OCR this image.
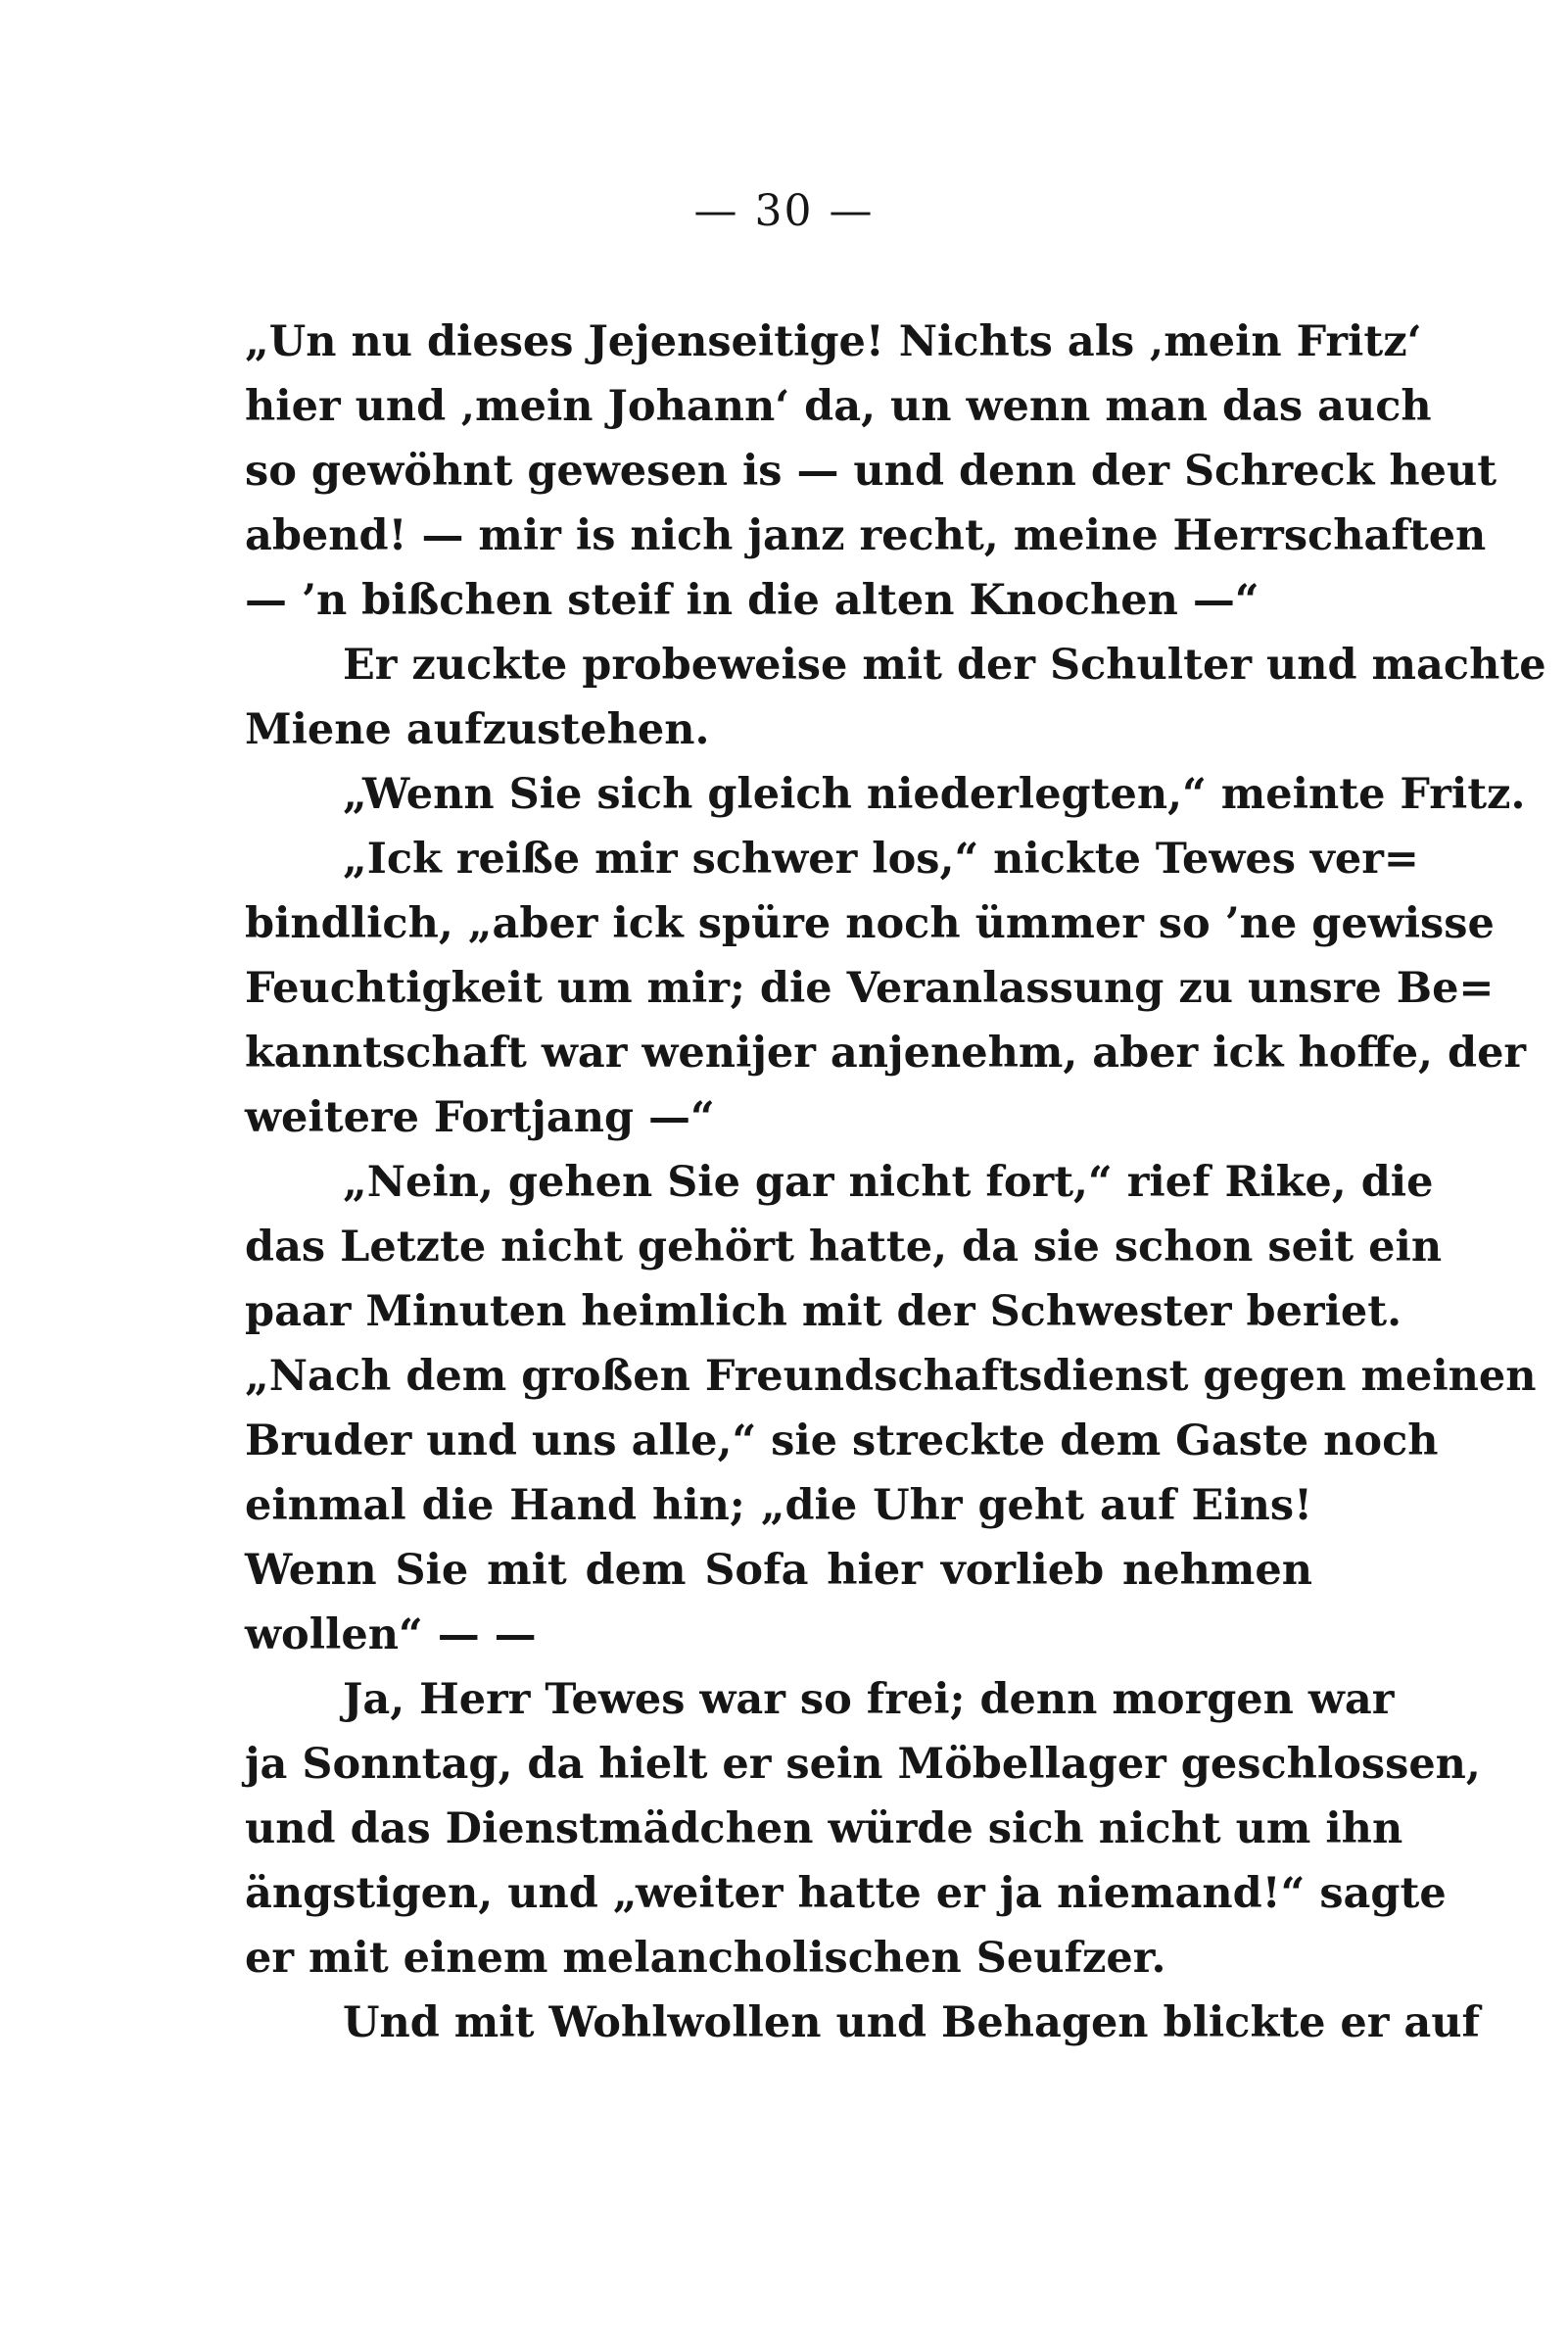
— 30 —
„Un nu dieses Jejenseitige! Nichts als ‚mein Fritz‘
hier und ‚mein Johann‘ da, un wenn man das auch
so gewöhnt gewesen is — und denn der Schreck heut
abend! — mir is nich janz recht, meine Herrschaften
— ’n bißchen steif in die alten Knochen —“
Er zuckte probeweise mit der Schulter und machte
Miene aufzustehen.
„Wenn Sie sich gleich niederlegten,“ meinte Fritz.
„Ick reiße mir schwer los,“ nickte Tewes ver=
bindlich, „aber ick spüre noch ümmer so ’ne gewisse
Feuchtigkeit um mir; die Veranlassung zu unsre Be=
kanntschaft war wenijer anjenehm, aber ick hoffe, der
weitere Fortjang —“
„Nein, gehen Sie gar nicht fort,“ rief Rike, die
das Letzte nicht gehört hatte, da sie schon seit ein
paar Minuten heimlich mit der Schwester beriet.
„Nach dem großen Freundschaftsdienst gegen meinen
Bruder und uns alle,“ sie streckte dem Gaste noch
einmal die Hand hin; „die Uhr geht auf Eins!
Wenn Sie mit dem Sofa hier vorlieb nehmen
wollen“ — —
Ja, Herr Tewes war so frei; denn morgen war
ja Sonntag, da hielt er sein Möbellager geschlossen,
und das Dienstmädchen würde sich nicht um ihn
ängstigen, und „weiter hatte er ja niemand!“ sagte
er mit einem melancholischen Seufzer.
Und mit Wohlwollen und Behagen blickte er auf
